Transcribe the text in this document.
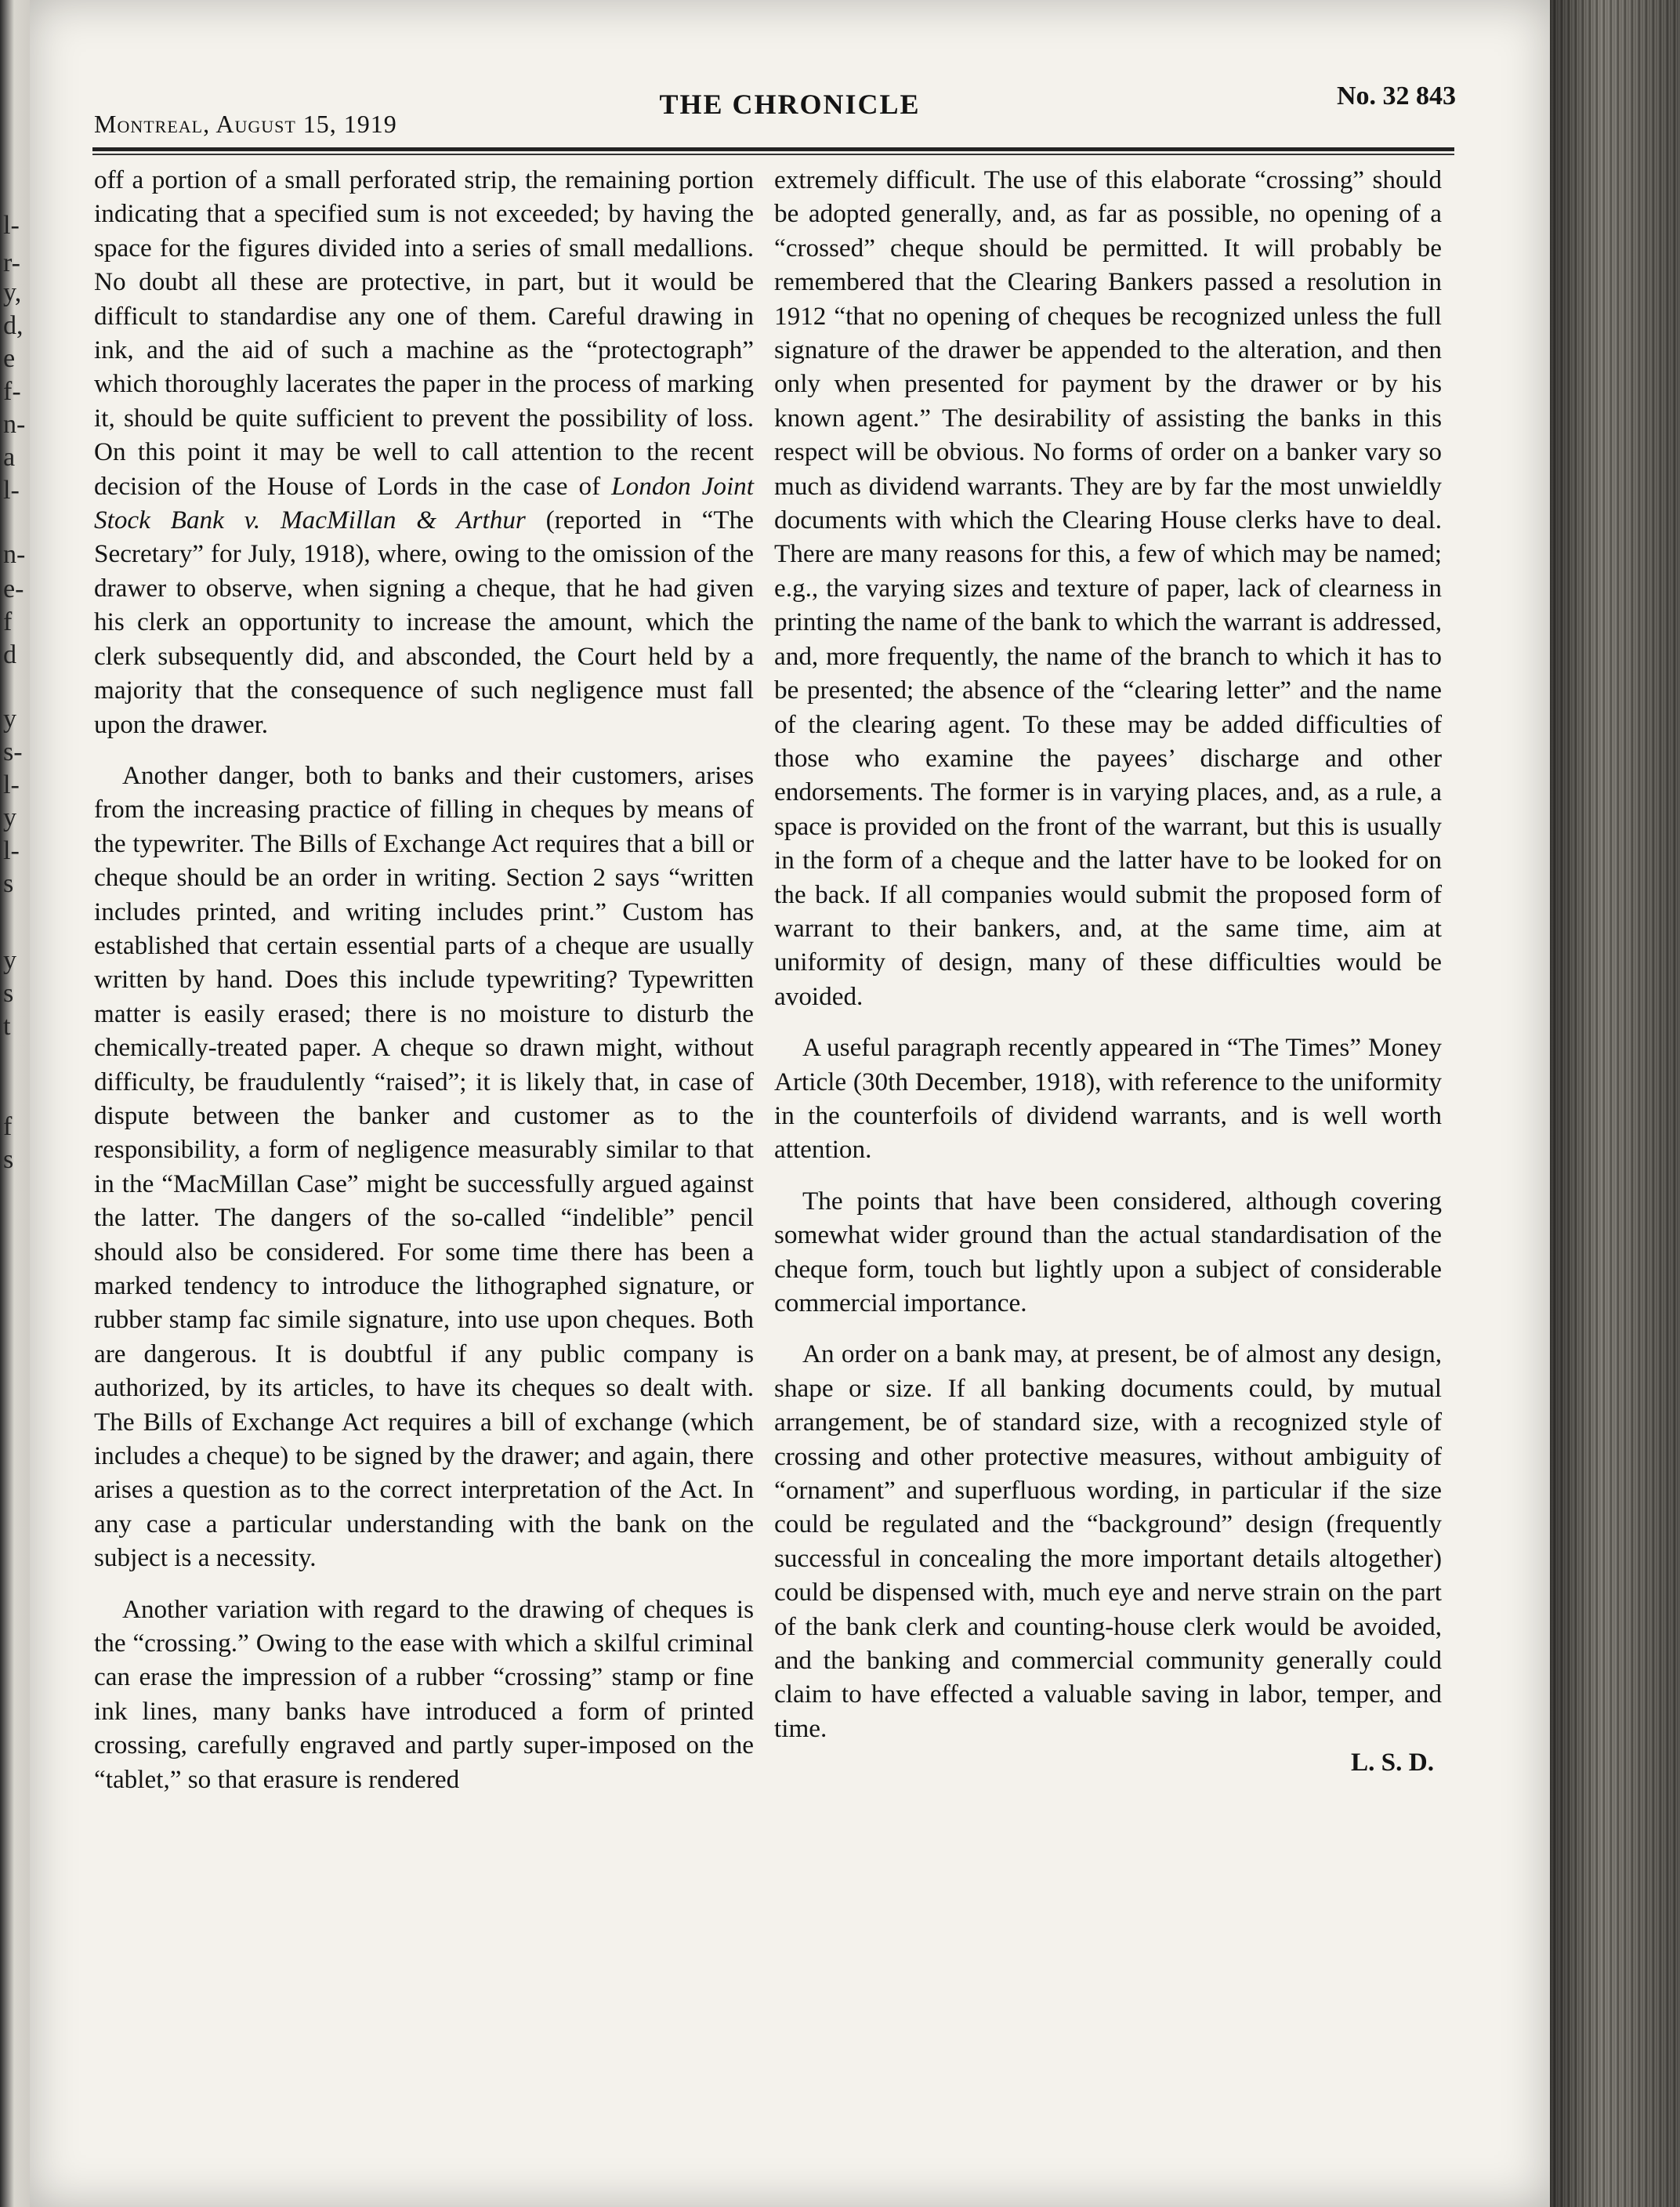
l-
r-
y,
d,
e
f-
n-
a
l-
n-
e-
f
d
y
s-
l-
y
l-
s
y
s
t
f
s
Montreal, August 15, 1919
THE CHRONICLE	No. 32 843

off a portion of a small perforated strip, the remaining portion indicating that a specified sum is not exceeded; by having the space for the figures divided into a series of small medallions. No doubt all these are protective, in part, but it would be difficult to standardise any one of them. Careful drawing in ink, and the aid of such a machine as the “protectograph” which thoroughly lacerates the paper in the process of marking it, should be quite sufficient to prevent the possibility of loss. On this point it may be well to call attention to the recent decision of the House of Lords in the case of London Joint Stock Bank v. MacMillan & Arthur (reported in “The Secretary” for July, 1918), where, owing to the omission of the drawer to observe, when signing a cheque, that he had given his clerk an opportunity to increase the amount, which the clerk subsequently did, and absconded, the Court held by a majority that the consequence of such negligence must fall upon the drawer.

Another danger, both to banks and their customers, arises from the increasing practice of filling in cheques by means of the typewriter. The Bills of Exchange Act requires that a bill or cheque should be an order in writing. Section 2 says “written includes printed, and writing includes print.” Custom has established that certain essential parts of a cheque are usually written by hand. Does this include typewriting? Typewritten matter is easily erased; there is no moisture to disturb the chemically-treated paper. A cheque so drawn might, without difficulty, be fraudulently “raised”; it is likely that, in case of dispute between the banker and customer as to the responsibility, a form of negligence measurably similar to that in the “MacMillan Case” might be successfully argued against the latter. The dangers of the so-called “indelible” pencil should also be considered. For some time there has been a marked tendency to introduce the lithographed signature, or rubber stamp fac simile signature, into use upon cheques. Both are dangerous. It is doubtful if any public company is authorized, by its articles, to have its cheques so dealt with. The Bills of Exchange Act requires a bill of exchange (which includes a cheque) to be signed by the drawer; and again, there arises a question as to the correct interpretation of the Act. In any case a particular understanding with the bank on the subject is a necessity.

Another variation with regard to the drawing of cheques is the “crossing.” Owing to the ease with which a skilful criminal can erase the impression of a rubber “crossing” stamp or fine ink lines, many banks have introduced a form of printed crossing, carefully engraved and partly super-imposed on the “tablet,” so that erasure is rendered

extremely difficult. The use of this elaborate “crossing” should be adopted generally, and, as far as possible, no opening of a “crossed” cheque should be permitted. It will probably be remembered that the Clearing Bankers passed a resolution in 1912 “that no opening of cheques be recognized unless the full signature of the drawer be appended to the alteration, and then only when presented for payment by the drawer or by his known agent.” The desirability of assisting the banks in this respect will be obvious. No forms of order on a banker vary so much as dividend warrants. They are by far the most unwieldly documents with which the Clearing House clerks have to deal. There are many reasons for this, a few of which may be named; e.g., the varying sizes and texture of paper, lack of clearness in printing the name of the bank to which the warrant is addressed, and, more frequently, the name of the branch to which it has to be presented; the absence of the “clearing letter” and the name of the clearing agent. To these may be added difficulties of those who examine the payees’ discharge and other endorsements. The former is in varying places, and, as a rule, a space is provided on the front of the warrant, but this is usually in the form of a cheque and the latter have to be looked for on the back. If all companies would submit the proposed form of warrant to their bankers, and, at the same time, aim at uniformity of design, many of these difficulties would be avoided.

A useful paragraph recently appeared in “The Times” Money Article (30th December, 1918), with reference to the uniformity in the counterfoils of dividend warrants, and is well worth attention.

The points that have been considered, although covering somewhat wider ground than the actual standardisation of the cheque form, touch but lightly upon a subject of considerable commercial importance.

An order on a bank may, at present, be of almost any design, shape or size. If all banking documents could, by mutual arrangement, be of standard size, with a recognized style of crossing and other protective measures, without ambiguity of “ornament” and superfluous wording, in particular if the size could be regulated and the “background” design (frequently successful in concealing the more important details altogether) could be dispensed with, much eye and nerve strain on the part of the bank clerk and counting-house clerk would be avoided, and the banking and commercial community generally could claim to have effected a valuable saving in labor, temper, and time.

L. S. D.
